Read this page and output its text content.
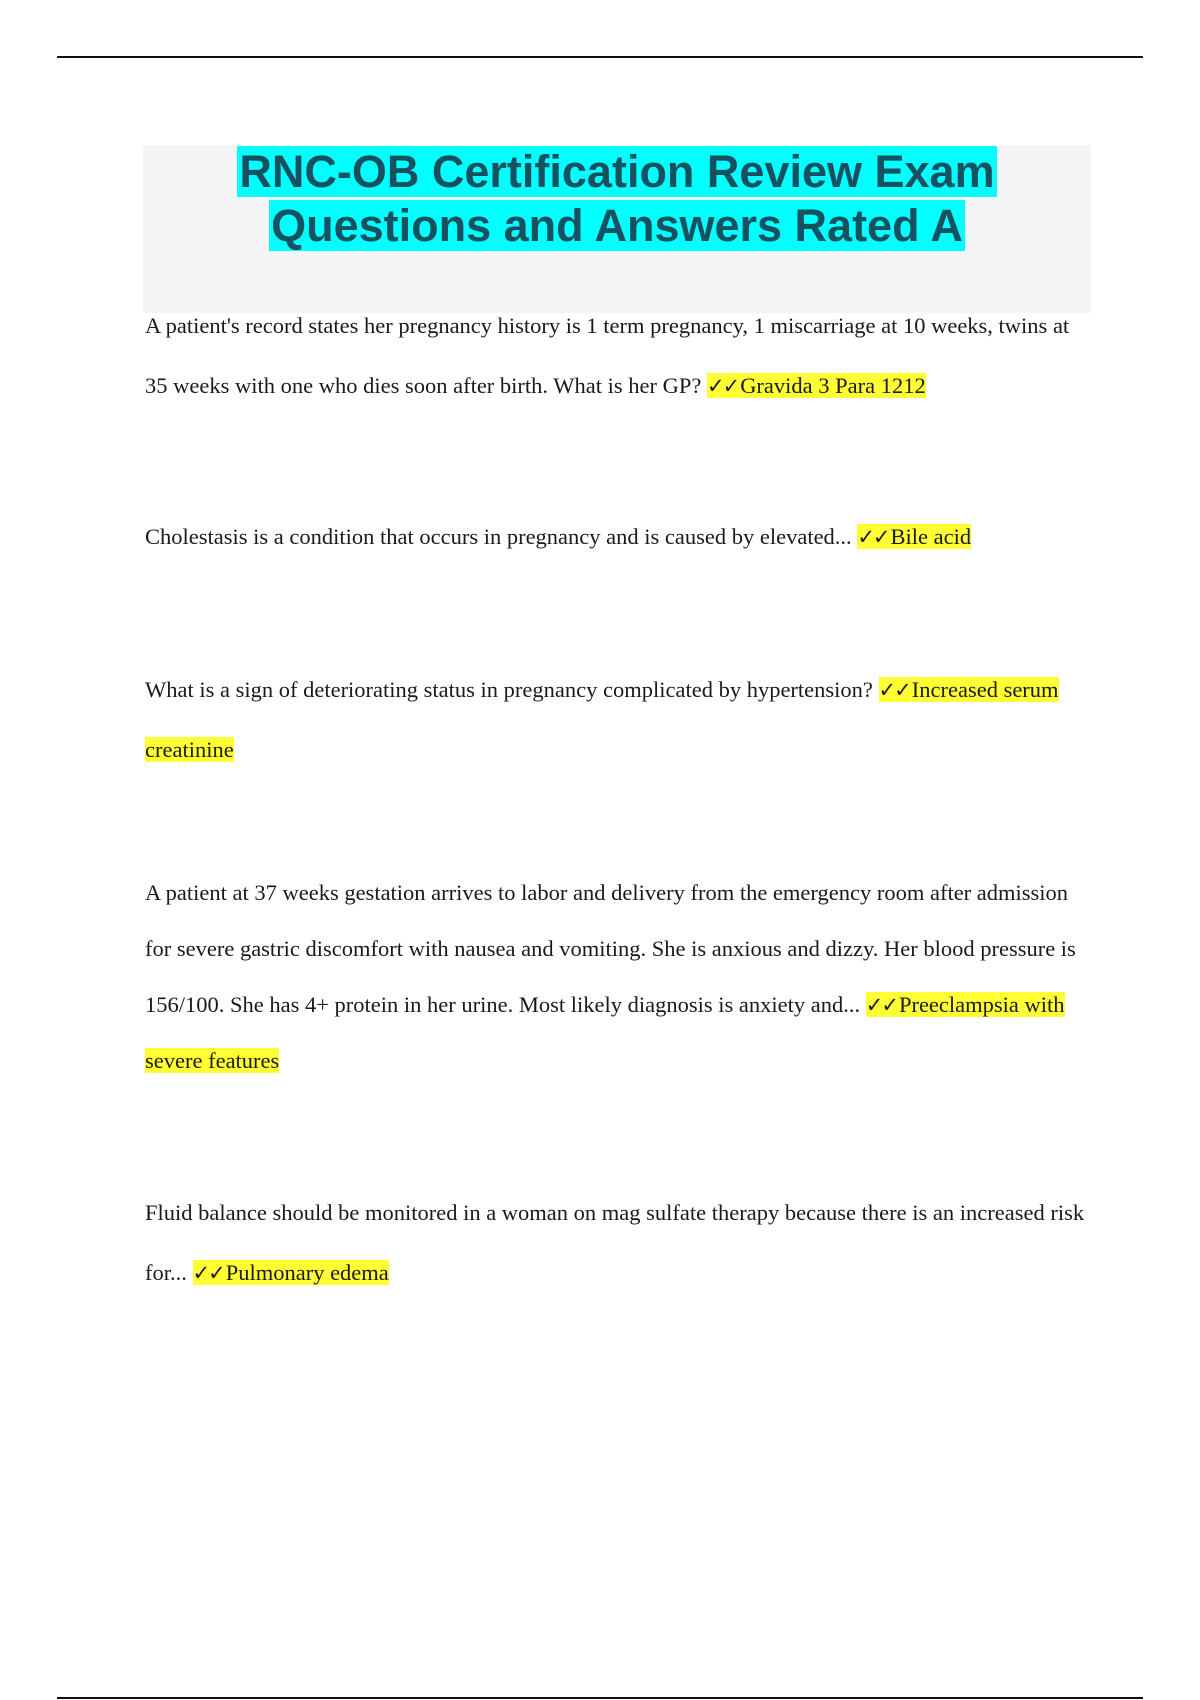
RNC-OB Certification Review Exam
Questions and Answers Rated A

A patient's record states her pregnancy history is 1 term pregnancy, 1 miscarriage at 10 weeks, twins at 35 weeks with one who dies soon after birth. What is her GP? ✓✓Gravida 3 Para 1212

Cholestasis is a condition that occurs in pregnancy and is caused by elevated... ✓✓Bile acid

What is a sign of deteriorating status in pregnancy complicated by hypertension? ✓✓Increased serum creatinine

A patient at 37 weeks gestation arrives to labor and delivery from the emergency room after admission for severe gastric discomfort with nausea and vomiting. She is anxious and dizzy. Her blood pressure is 156/100. She has 4+ protein in her urine. Most likely diagnosis is anxiety and... ✓✓Preeclampsia with severe features

Fluid balance should be monitored in a woman on mag sulfate therapy because there is an increased risk for... ✓✓Pulmonary edema
